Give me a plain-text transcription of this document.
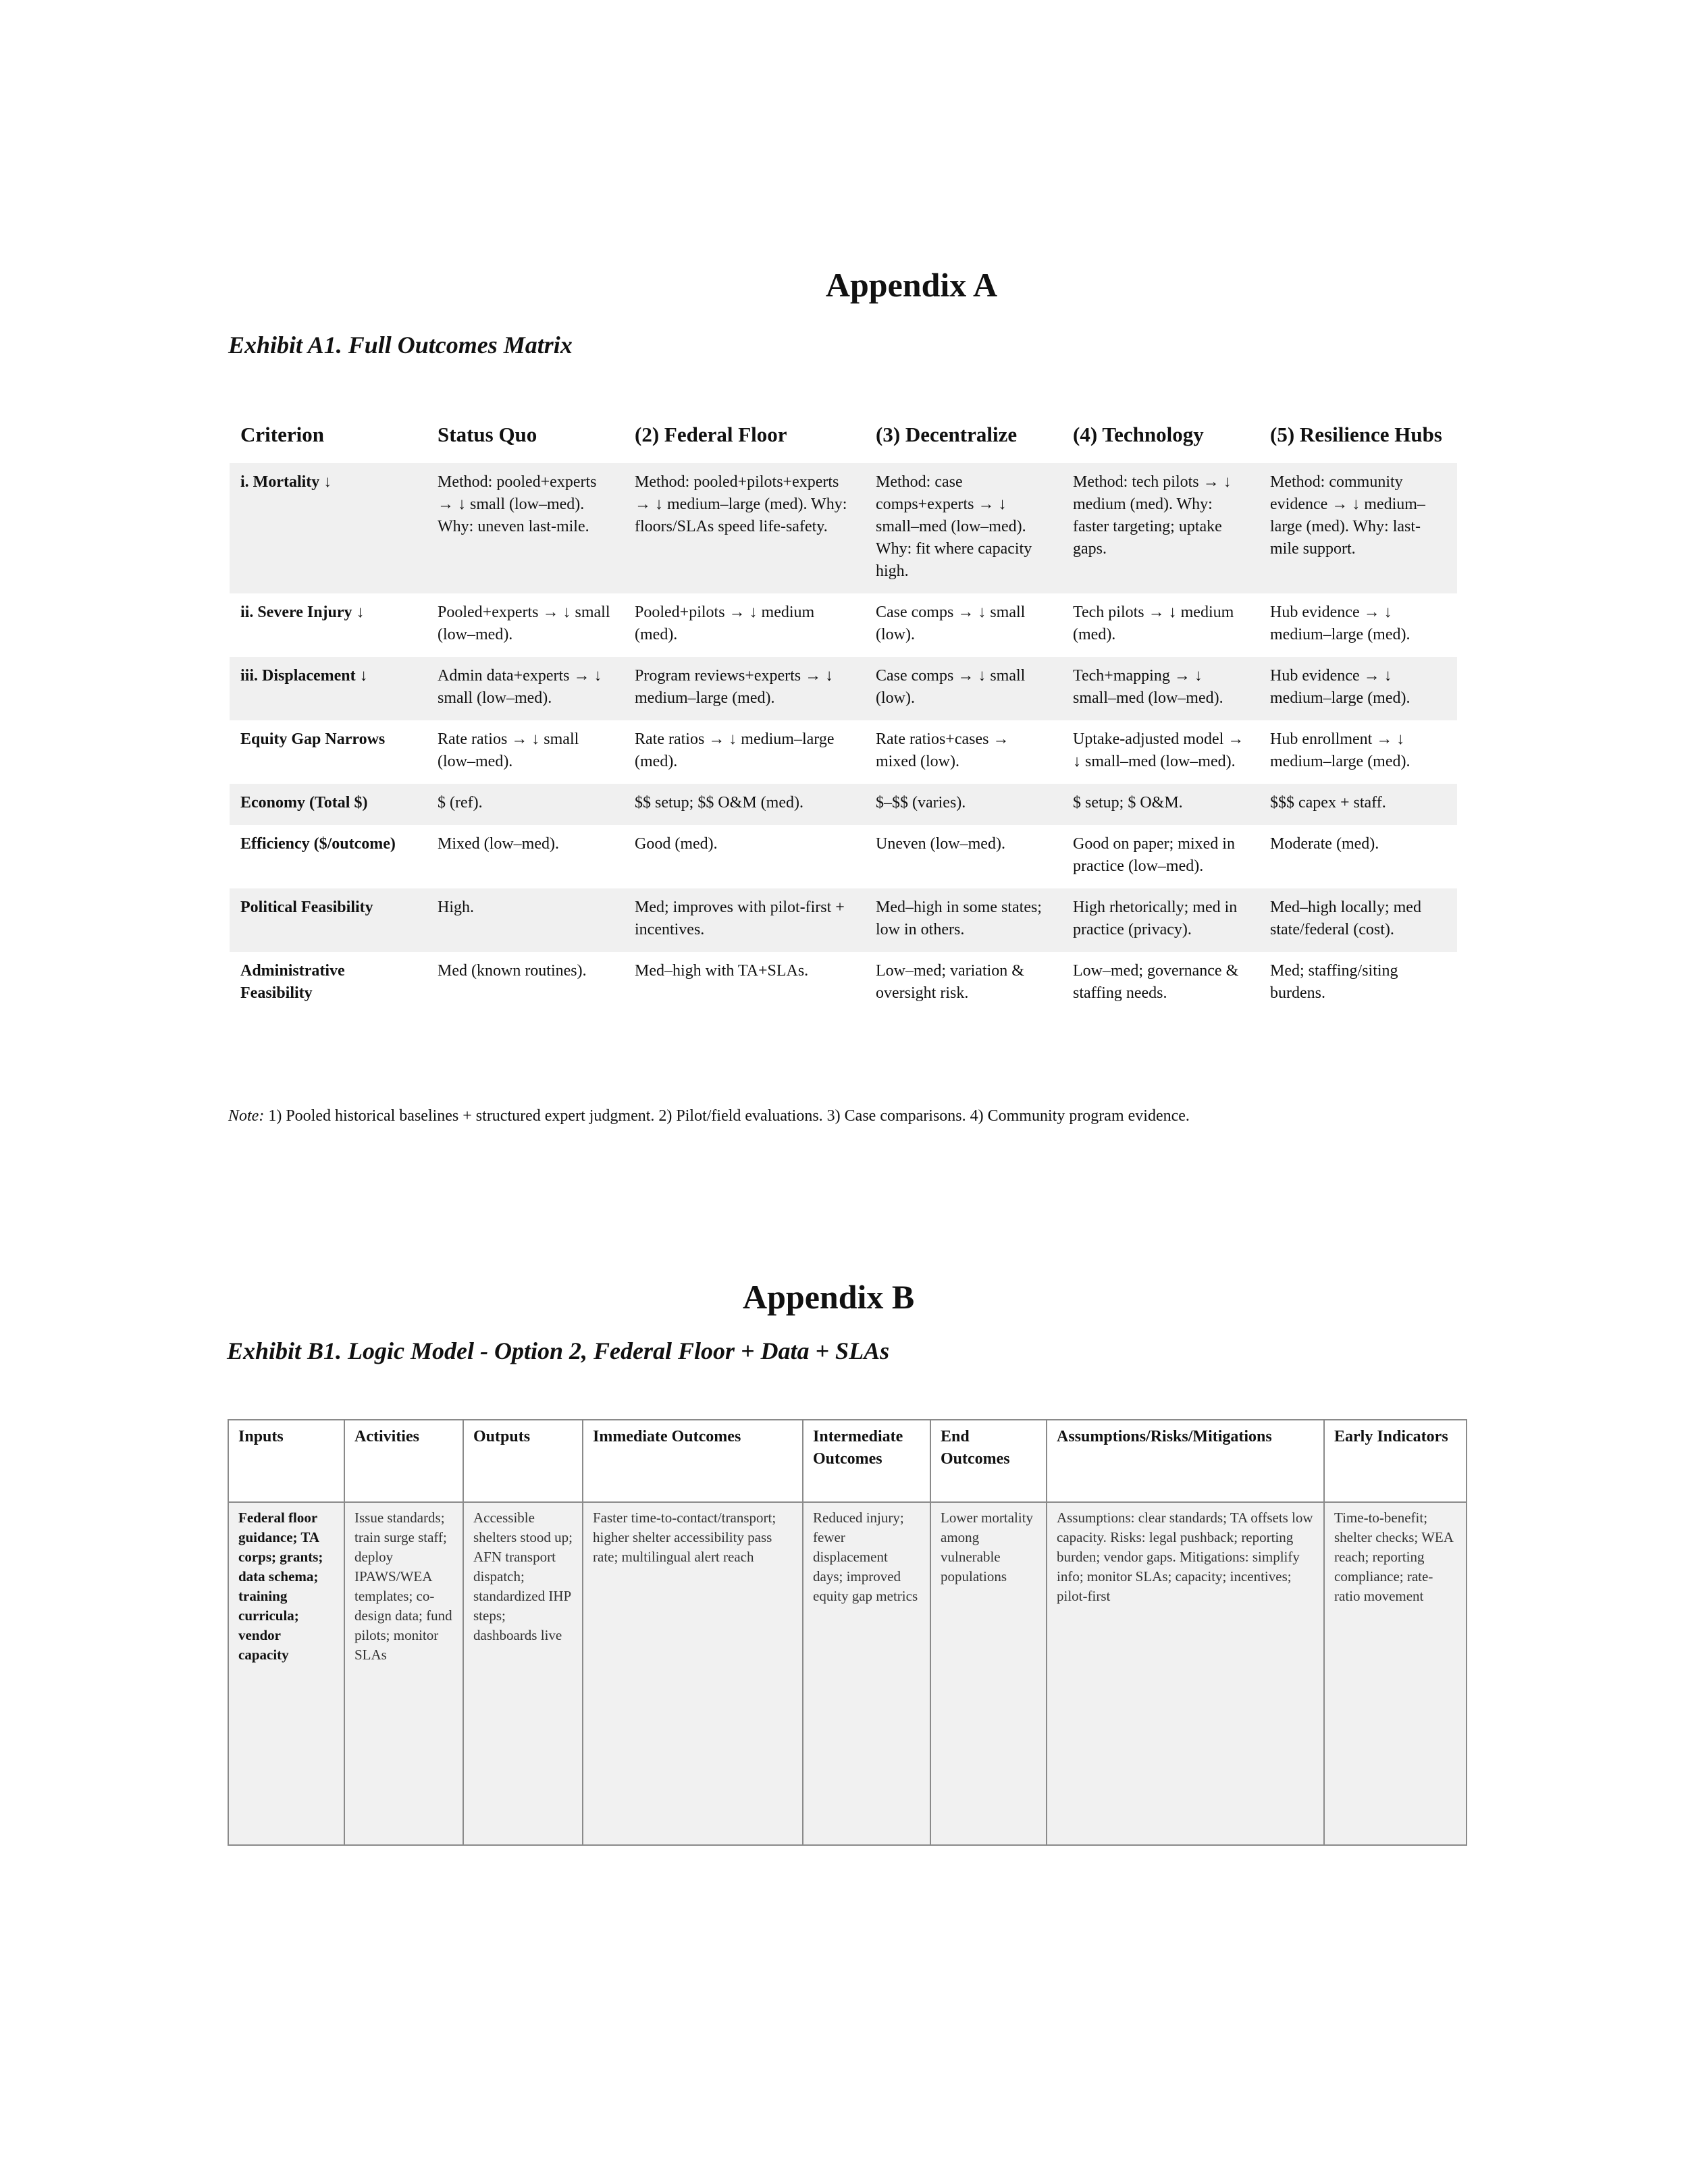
Appendix A
Exhibit A1. Full Outcomes Matrix
Criterion	Status Quo	(2) Federal Floor	(3) Decentralize	(4) Technology	(5) Resilience Hubs
i. Mortality ↓	Method: pooled+experts → ↓ small (low–med). Why: uneven last-mile.	Method: pooled+pilots+experts → ↓ medium–large (med). Why: floors/SLAs speed life-safety.	Method: case comps+experts → ↓ small–med (low–med). Why: fit where capacity high.	Method: tech pilots → ↓ medium (med). Why: faster targeting; uptake gaps.	Method: community evidence → ↓ medium–large (med). Why: last-mile support.
ii. Severe Injury ↓	Pooled+experts → ↓ small (low–med).	Pooled+pilots → ↓ medium (med).	Case comps → ↓ small (low).	Tech pilots → ↓ medium (med).	Hub evidence → ↓ medium–large (med).
iii. Displacement ↓	Admin data+experts → ↓ small (low–med).	Program reviews+experts → ↓ medium–large (med).	Case comps → ↓ small (low).	Tech+mapping → ↓ small–med (low–med).	Hub evidence → ↓ medium–large (med).
Equity Gap Narrows	Rate ratios → ↓ small (low–med).	Rate ratios → ↓ medium–large (med).	Rate ratios+cases → mixed (low).	Uptake-adjusted model → ↓ small–med (low–med).	Hub enrollment → ↓ medium–large (med).
Economy (Total $)	$ (ref).	$$ setup; $$ O&M (med).	$–$$ (varies).	$ setup; $ O&M.	$$$ capex + staff.
Efficiency ($/outcome)	Mixed (low–med).	Good (med).	Uneven (low–med).	Good on paper; mixed in practice (low–med).	Moderate (med).
Political Feasibility	High.	Med; improves with pilot-first + incentives.	Med–high in some states; low in others.	High rhetorically; med in practice (privacy).	Med–high locally; med state/federal (cost).
Administrative Feasibility	Med (known routines).	Med–high with TA+SLAs.	Low–med; variation & oversight risk.	Low–med; governance & staffing needs.	Med; staffing/siting burdens.
Note: 1) Pooled historical baselines + structured expert judgment. 2) Pilot/field evaluations. 3) Case comparisons. 4) Community program evidence.
Appendix B
Exhibit B1. Logic Model - Option 2, Federal Floor + Data + SLAs
Inputs	Activities	Outputs	Immediate Outcomes	Intermediate Outcomes	End Outcomes	Assumptions/Risks/Mitigations	Early Indicators
Federal floor guidance; TA corps; grants; data schema; training curricula; vendor capacity	Issue standards; train surge staff; deploy IPAWS/WEA templates; co-design data; fund pilots; monitor SLAs	Accessible shelters stood up; AFN transport dispatch; standardized IHP steps; dashboards live	Faster time-to-contact/transport; higher shelter accessibility pass rate; multilingual alert reach	Reduced injury; fewer displacement days; improved equity gap metrics	Lower mortality among vulnerable populations	Assumptions: clear standards; TA offsets low capacity. Risks: legal pushback; reporting burden; vendor gaps. Mitigations: simplify info; monitor SLAs; capacity; incentives; pilot-first	Time-to-benefit; shelter checks; WEA reach; reporting compliance; rate-ratio movement
